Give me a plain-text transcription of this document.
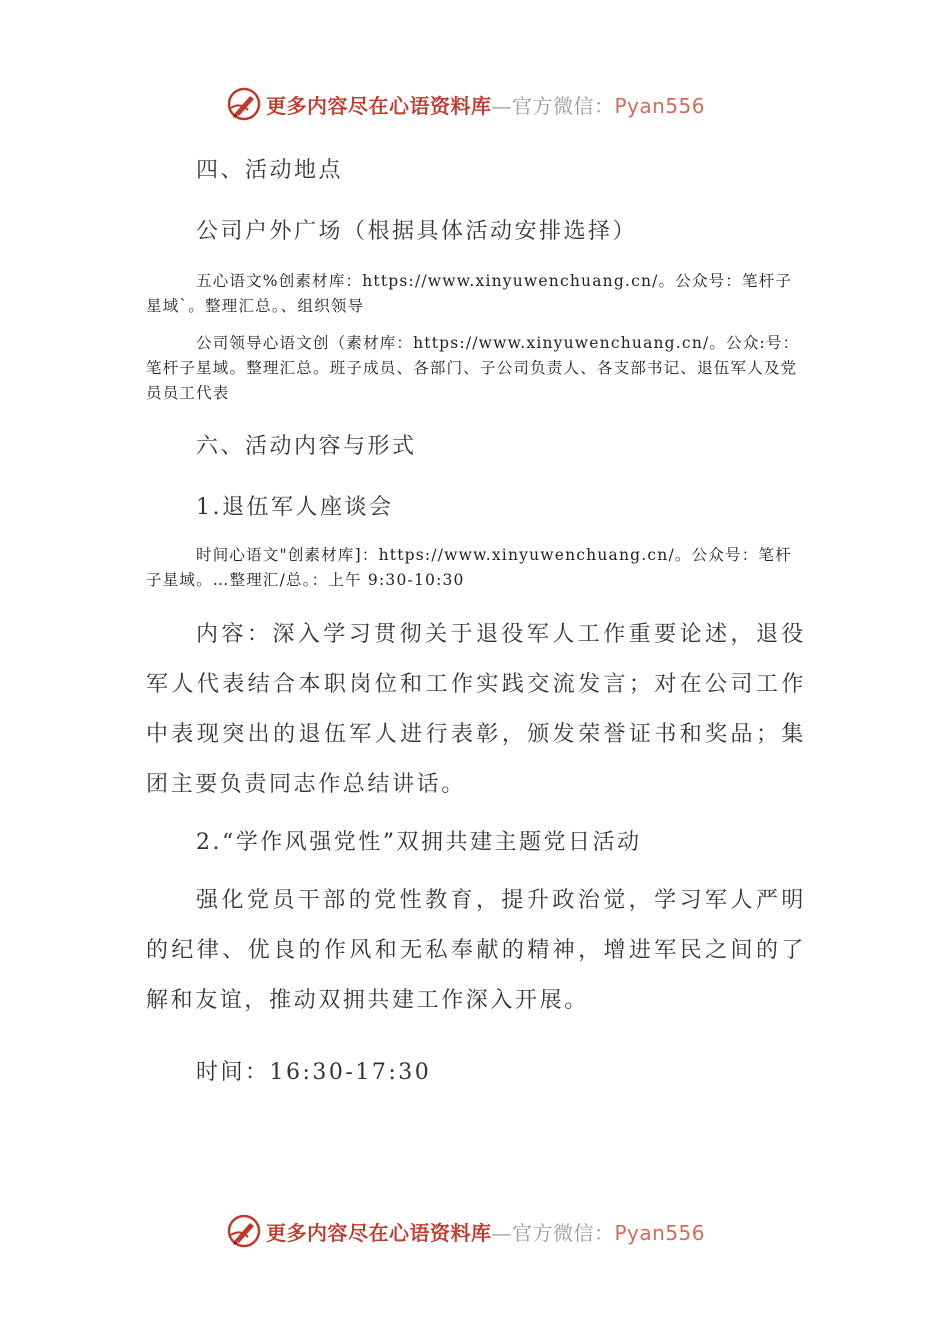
更多内容尽在心语资料库—官方微信：Pyan556

四、活动地点

公司户外广场（根据具体活动安排选择）

五心语文%创素材库：https://www.xinyuwenchuang.cn/。公众号：笔杆子星域`。整理汇总。、组织领导

公司领导心语文创（素材库：https://www.xinyuwenchuang.cn/。公众:号：笔杆子星域。整理汇总。班子成员、各部门、子公司负责人、各支部书记、退伍军人及党员员工代表

六、活动内容与形式

1.退伍军人座谈会

时间心语文"创素材库]：https://www.xinyuwenchuang.cn/。公众号：笔杆子星域。…整理汇/总。：上午 9:30-10:30

内容：深入学习贯彻关于退役军人工作重要论述，退役军人代表结合本职岗位和工作实践交流发言；对在公司工作中表现突出的退伍军人进行表彰，颁发荣誉证书和奖品；集团主要负责同志作总结讲话。

2.“学作风强党性”双拥共建主题党日活动

强化党员干部的党性教育，提升政治觉，学习军人严明的纪律、优良的作风和无私奉献的精神，增进军民之间的了解和友谊，推动双拥共建工作深入开展。

时间：16:30-17:30

更多内容尽在心语资料库—官方微信：Pyan556
